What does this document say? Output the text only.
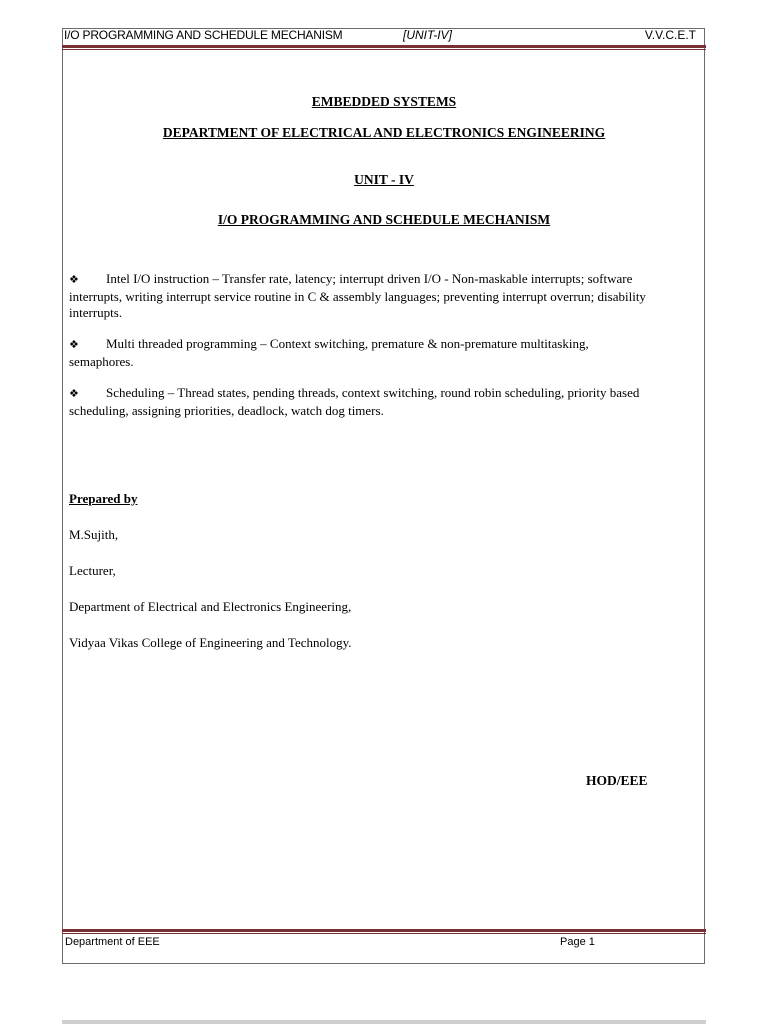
I/O PROGRAMMING AND SCHEDULE MECHANISM	[UNIT-IV]	V.V.C.E.T
EMBEDDED SYSTEMS
DEPARTMENT OF ELECTRICAL AND ELECTRONICS ENGINEERING
UNIT - IV
I/O PROGRAMMING AND SCHEDULE MECHANISM
❖ Intel I/O instruction – Transfer rate, latency; interrupt driven I/O - Non-maskable interrupts; software
interrupts, writing interrupt service routine in C & assembly languages; preventing interrupt overrun; disability
interrupts.
❖ Multi threaded programming – Context switching, premature & non-premature multitasking,
semaphores.
❖ Scheduling – Thread states, pending threads, context switching, round robin scheduling, priority based
scheduling, assigning priorities, deadlock, watch dog timers.
Prepared by
M.Sujith,
Lecturer,
Department of Electrical and Electronics Engineering,
Vidyaa Vikas College of Engineering and Technology.
HOD/EEE
Department of EEE	Page 1
